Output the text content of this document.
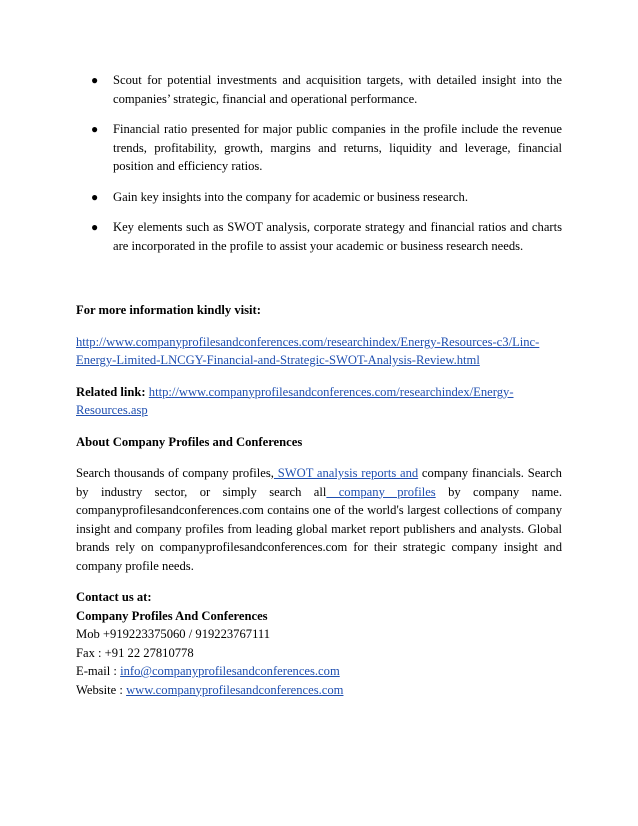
● Scout for potential investments and acquisition targets, with detailed insight into the companies’ strategic, financial and operational performance.
● Financial ratio presented for major public companies in the profile include the revenue trends, profitability, growth, margins and returns, liquidity and leverage, financial position and efficiency ratios.
● Gain key insights into the company for academic or business research.
● Key elements such as SWOT analysis, corporate strategy and financial ratios and charts are incorporated in the profile to assist your academic or business research needs.

For more information kindly visit:

http://www.companyprofilesandconferences.com/researchindex/Energy-Resources-c3/Linc-Energy-Limited-LNCGY-Financial-and-Strategic-SWOT-Analysis-Review.html

Related link: http://www.companyprofilesandconferences.com/researchindex/Energy-Resources.asp

About Company Profiles and Conferences

Search thousands of company profiles, SWOT analysis reports and company financials. Search by industry sector, or simply search all company profiles by company name. companyprofilesandconferences.com contains one of the world's largest collections of company insight and company profiles from leading global market report publishers and analysts. Global brands rely on companyprofilesandconferences.com for their strategic company insight and company profile needs.

Contact us at:

Company Profiles And Conferences

Mob +919223375060 / 919223767111

Fax : +91 22 27810778

E-mail : info@companyprofilesandconferences.com

Website : www.companyprofilesandconferences.com
